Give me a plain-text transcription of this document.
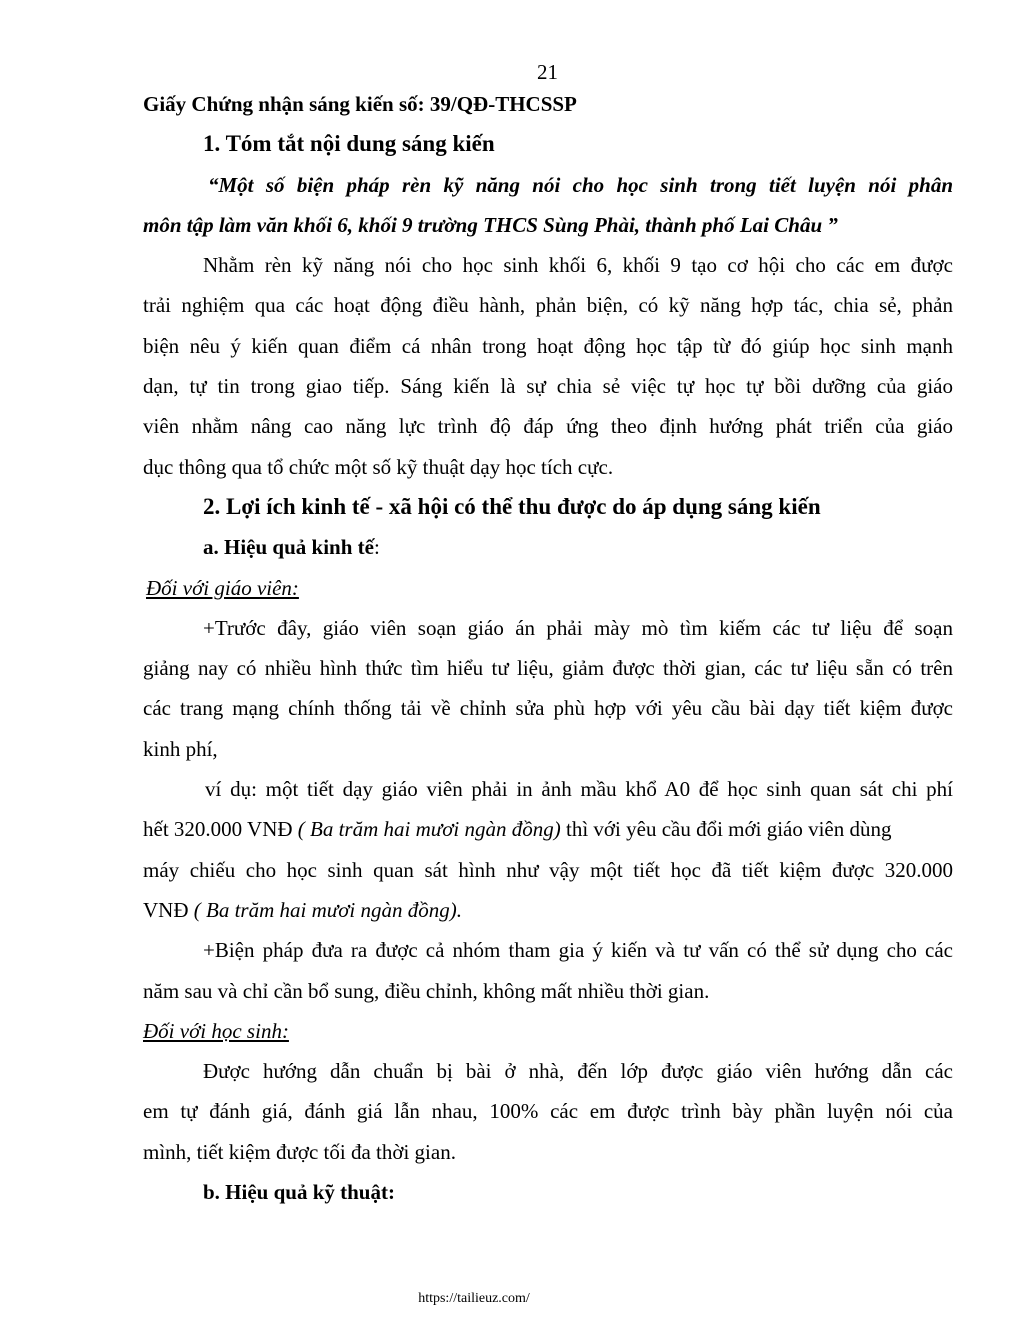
21
Giấy Chứng nhận sáng kiến số: 39/QĐ-THCSSP
1. Tóm tắt nội dung sáng kiến
“Một số biện pháp rèn kỹ năng nói cho học sinh trong tiết luyện nói phân
môn tập làm văn khối 6, khối 9 trường THCS Sùng Phài, thành phố Lai Châu ”
Nhằm rèn kỹ năng nói cho học sinh khối 6, khối 9 tạo cơ hội cho các em được
trải nghiệm qua các hoạt động điều hành, phản biện, có kỹ năng hợp tác, chia sẻ, phản
biện nêu ý kiến quan điểm cá nhân trong hoạt động học tập từ đó giúp học sinh mạnh
dạn, tự tin trong giao tiếp. Sáng kiến là sự chia sẻ việc tự học tự bồi dưỡng của giáo
viên nhằm nâng cao năng lực trình độ đáp ứng theo định hướng phát triển của giáo
dục thông qua tổ chức một số kỹ thuật dạy học tích cực.
2. Lợi ích kinh tế - xã hội có thể thu được do áp dụng sáng kiến
a. Hiệu quả kinh tế:
Đối với giáo viên:
+Trước đây, giáo viên soạn giáo án phải mày mò tìm kiếm các tư liệu để soạn
giảng nay có nhiều hình thức tìm hiểu tư liệu, giảm được thời gian, các tư liệu sẵn có trên
các trang mạng chính thống tải về chỉnh sửa phù hợp với yêu cầu bài dạy tiết kiệm được
kinh phí,
ví dụ: một tiết dạy giáo viên phải in ảnh mầu khổ A0 để học sinh quan sát chi phí
hết 320.000 VNĐ ( Ba trăm hai mươi ngàn đồng) thì với yêu cầu đổi mới giáo viên dùng
máy chiếu cho học sinh quan sát hình như vậy một tiết học đã tiết kiệm được 320.000
VNĐ ( Ba trăm hai mươi ngàn đồng).
+Biện pháp đưa ra được cả nhóm tham gia ý kiến và tư vấn có thể sử dụng cho các
năm sau và chỉ cần bổ sung, điều chỉnh, không mất nhiều thời gian.
Đối với học sinh:
Được hướng dẫn chuẩn bị bài ở nhà, đến lớp được giáo viên hướng dẫn các
em tự đánh giá, đánh giá lẫn nhau, 100% các em được trình bày phần luyện nói của
mình, tiết kiệm được tối đa thời gian.
b. Hiệu quả kỹ thuật:
https://tailieuz.com/
